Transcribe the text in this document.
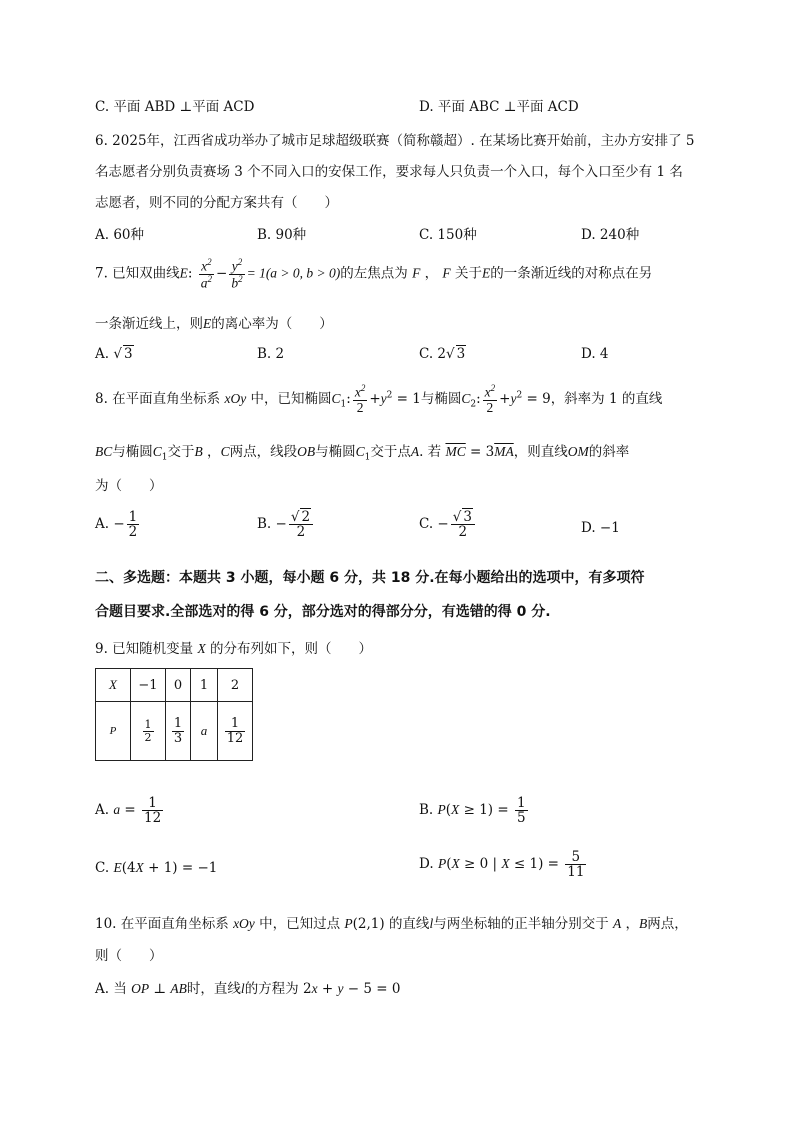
C. 平面 ABD ⊥平面 ACD	D. 平面 ABC ⊥平面 ACD
6. 2025年，江西省成功举办了城市足球超级联赛（简称赣超）. 在某场比赛开始前，主办方安排了 5
名志愿者分别负责赛场 3 个不同入口的安保工作，要求每人只负责一个入口，每个入口至少有 1 名
志愿者，则不同的分配方案共有（　　）
A. 60种	B. 90种	C. 150种	D. 240种
7. 已知双曲线E: $\frac{x^2}{a^2} - \frac{y^2}{b^2} = 1(a > 0$, b > 0)的左焦点为 F ， F 关于E的一条渐近线的对称点在另
一条渐近线上，则E的离心率为（　　）
A. √ 3	B. 2	C. 2√ 3	D. 4
8. 在平面直角坐标系 xOy 中，已知椭圆$C_1$: $\frac{x^2}{2} +y^2 = 1$与椭圆$C_2$: $\frac{x^2}{2} +y^2 = 9$，斜率为 1 的直线
BC与椭圆$C_1$交于B ，C两点，线段OB与椭圆$C_1$交于点A. 若 $\overline{MC} = 3\overline{MA}$，则直线OM的斜率
为（　　）
A. − $\frac{1}{2}$	B. − $\frac{√ 2}{2}$	C. − $\frac{√ 3}{2}$	D. −1
二、多选题：本题共 3 小题，每小题 6 分，共 18 分.在每小题给出的选项中，有多项符
合题目要求.全部选对的得 6 分，部分选对的得部分分，有选错的得 0 分.
9. 已知随机变量 X 的分布列如下，则（　　）
X	−1	0	1	2
P	$\frac{1}{2}$	$\frac{1}{3}$	a	$\frac{1}{12}$
A. $a = \frac{1}{12}$	B. $P(X \ge 1) = \frac{1}{5}$
C. E(4X + 1) = −1	D. P(X ≥ 0 | $X \le 1) = \frac{5}{11}$
10. 在平面直角坐标系 xOy 中，已知过点 P(2,1) 的直线l与两坐标轴的正半轴分别交于 A ，B两点，
则（　　）
A. 当 OP ⊥ AB时，直线l的方程为 2x + y − 5 = 0
